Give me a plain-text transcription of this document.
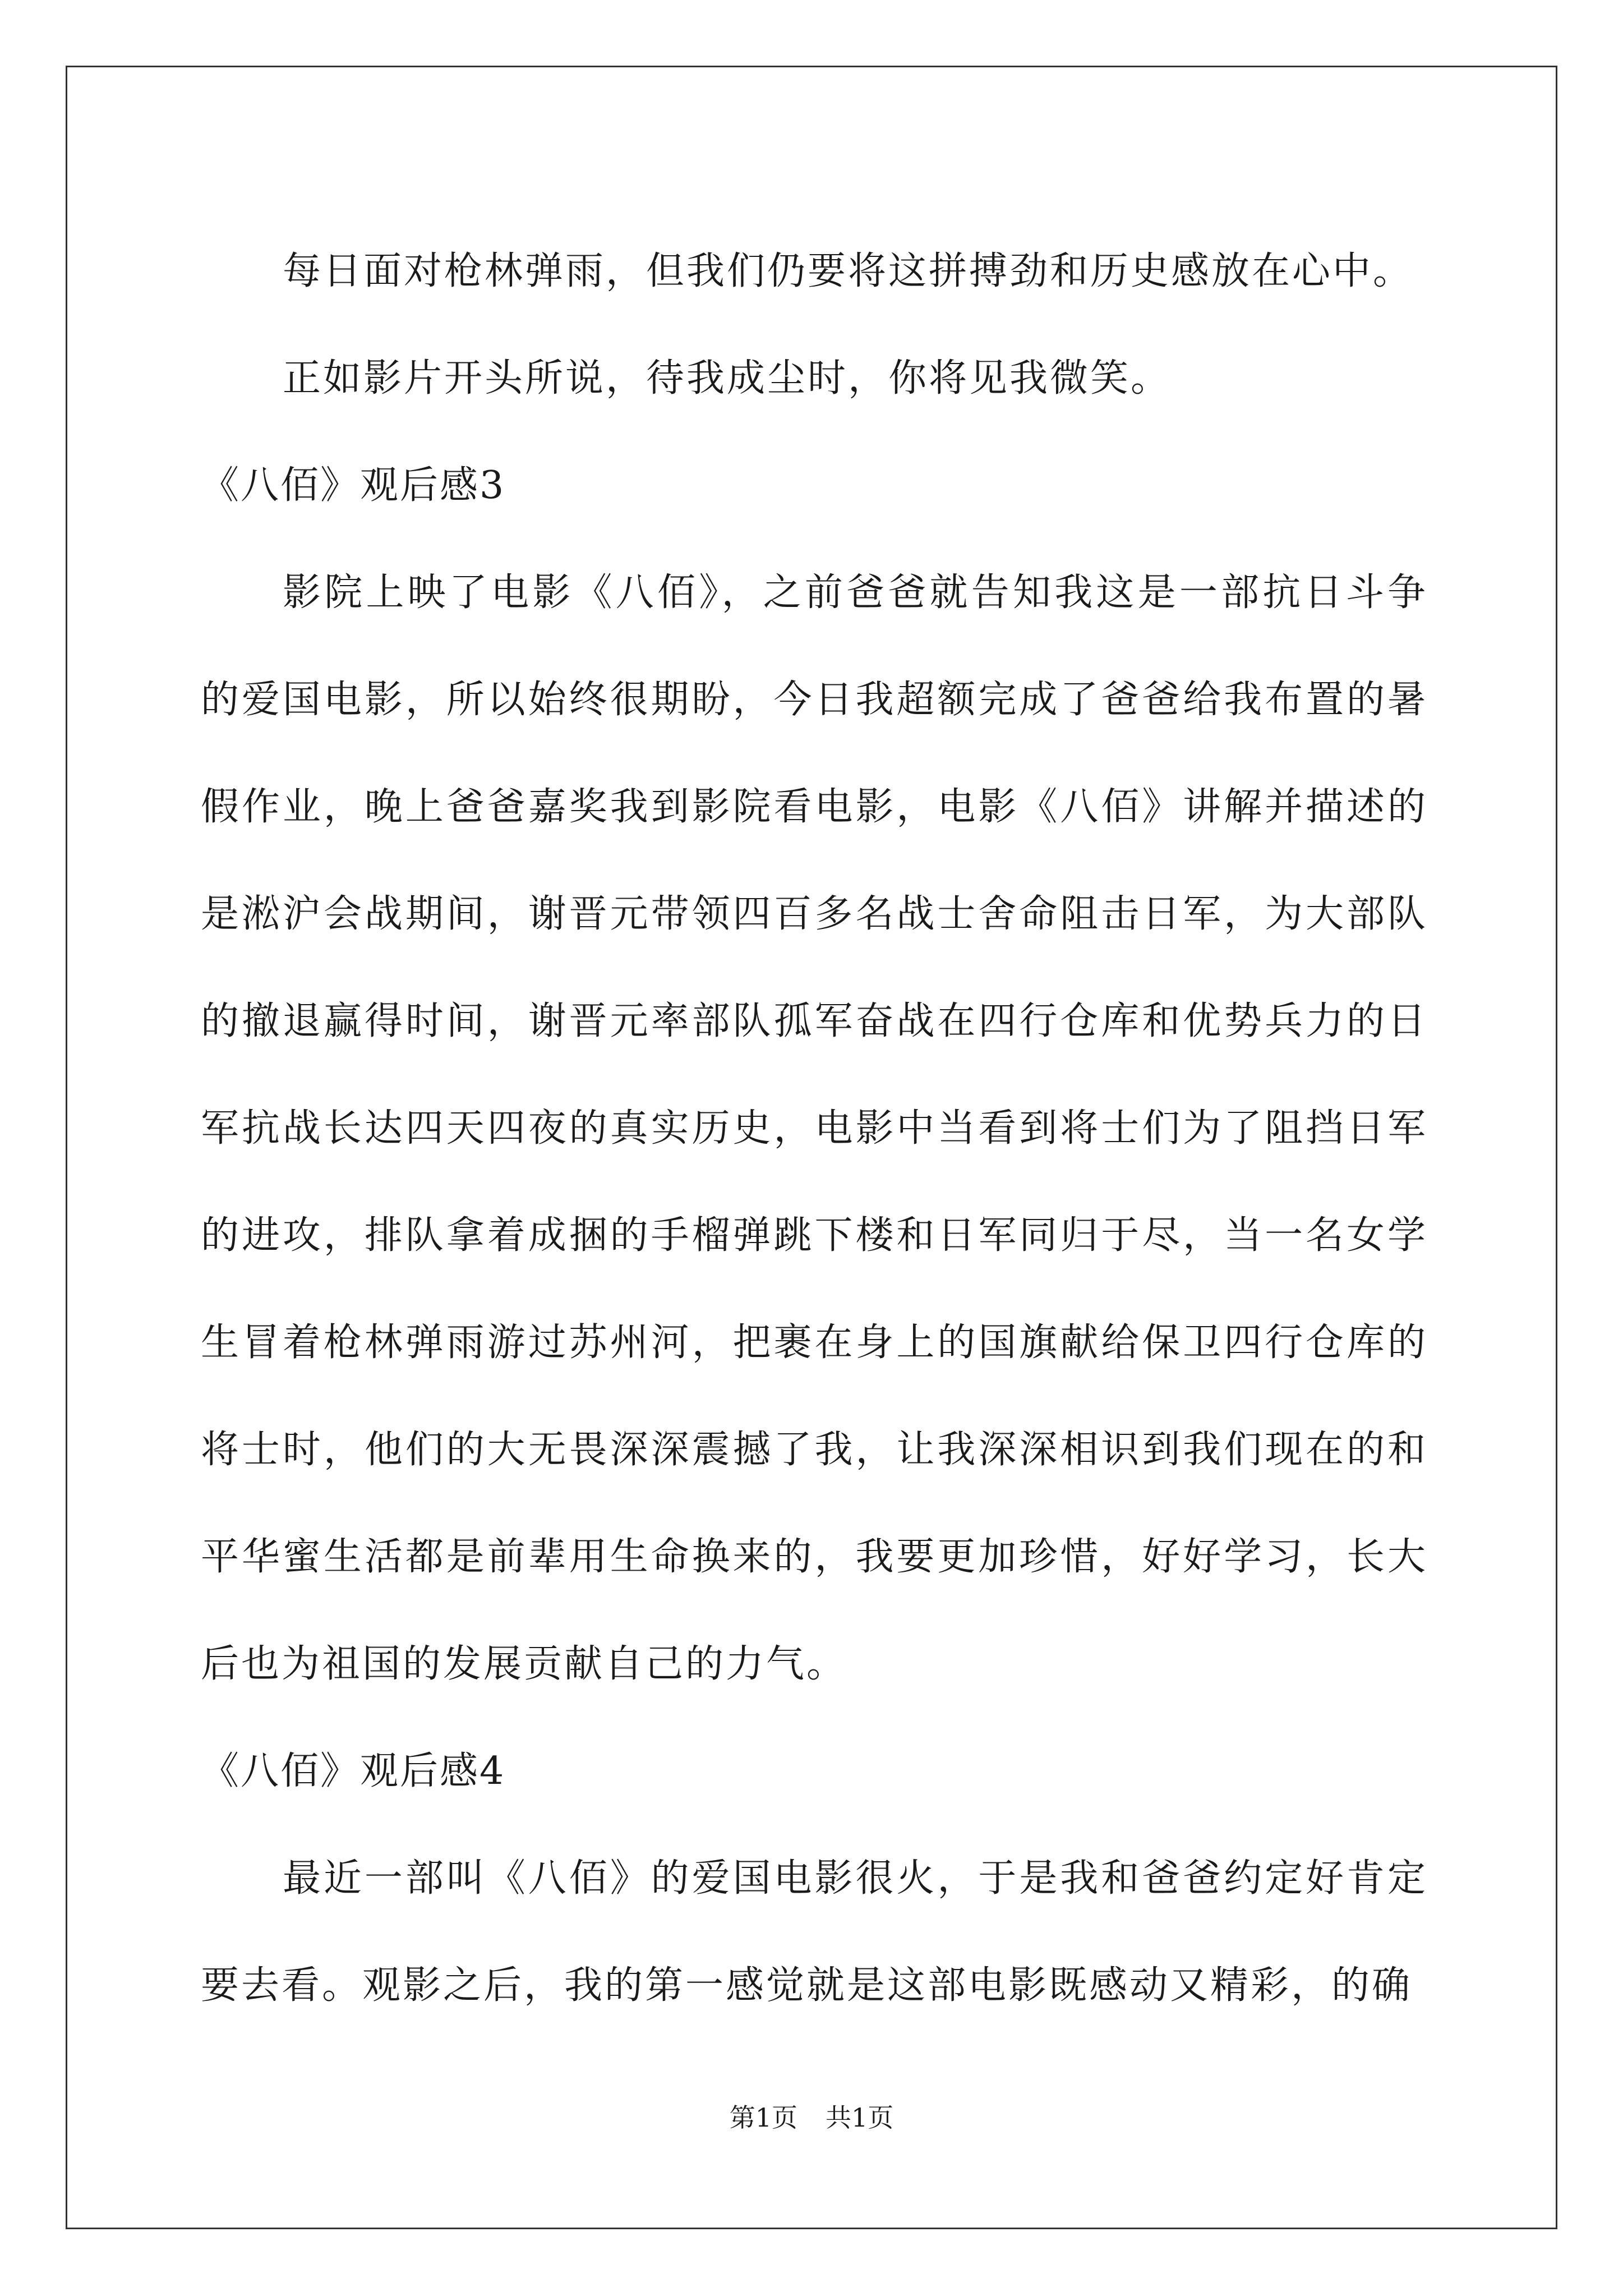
每日面对枪林弹雨，但我们仍要将这拼搏劲和历史感放在心中。

正如影片开头所说，待我成尘时，你将见我微笑。

《八佰》观后感3

影院上映了电影《八佰》，之前爸爸就告知我这是一部抗日斗争的爱国电影，所以始终很期盼，今日我超额完成了爸爸给我布置的暑假作业，晚上爸爸嘉奖我到影院看电影，电影《八佰》讲解并描述的是淞沪会战期间，谢晋元带领四百多名战士舍命阻击日军，为大部队的撤退赢得时间，谢晋元率部队孤军奋战在四行仓库和优势兵力的日军抗战长达四天四夜的真实历史，电影中当看到将士们为了阻挡日军的进攻，排队拿着成捆的手榴弹跳下楼和日军同归于尽，当一名女学生冒着枪林弹雨游过苏州河，把裹在身上的国旗献给保卫四行仓库的将士时，他们的大无畏深深震撼了我，让我深深相识到我们现在的和平华蜜生活都是前辈用生命换来的，我要更加珍惜，好好学习，长大后也为祖国的发展贡献自己的力气。

《八佰》观后感4

最近一部叫《八佰》的爱国电影很火，于是我和爸爸约定好肯定要去看。观影之后，我的第一感觉就是这部电影既感动又精彩，的确

第1页 共1页
